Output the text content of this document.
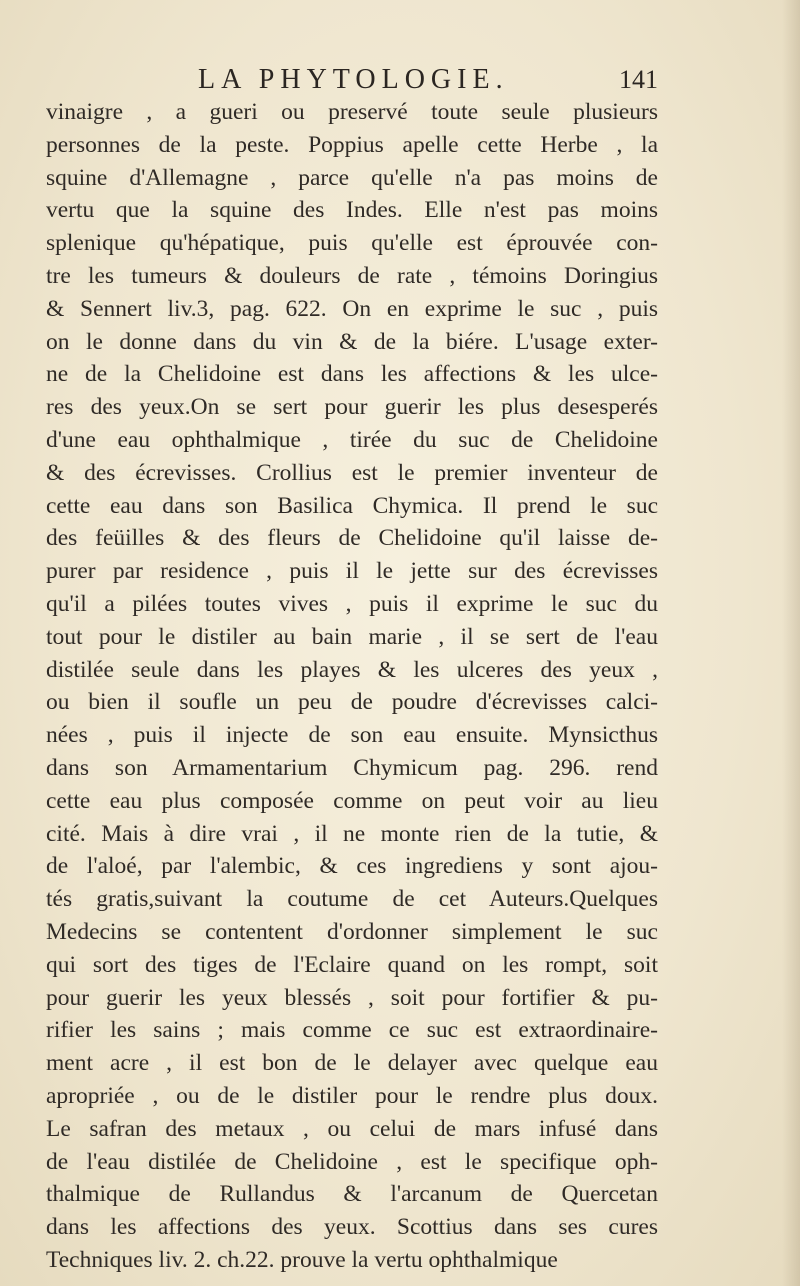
LA PHYTOLOGIE.	141
vinaigre , a gueri ou preservé toute seule plusieurs
personnes de la peste. Poppius apelle cette Herbe , la
squine d'Allemagne , parce qu'elle n'a pas moins de
vertu que la squine des Indes. Elle n'est pas moins
splenique qu'hépatique, puis qu'elle est éprouvée con-
tre les tumeurs & douleurs de rate , témoins Doringius
& Sennert liv.3, pag. 622. On en exprime le suc , puis
on le donne dans du vin & de la biére. L'usage exter-
ne de la Chelidoine est dans les affections & les ulce-
res des yeux.On se sert pour guerir les plus desesperés
d'une eau ophthalmique , tirée du suc de Chelidoine
& des écrevisses. Crollius est le premier inventeur de
cette eau dans son Basilica Chymica. Il prend le suc
des feüilles & des fleurs de Chelidoine qu'il laisse de-
purer par residence , puis il le jette sur des écrevisses
qu'il a pilées toutes vives , puis il exprime le suc du
tout pour le distiler au bain marie , il se sert de l'eau
distilée seule dans les playes & les ulceres des yeux ,
ou bien il soufle un peu de poudre d'écrevisses calci-
nées , puis il injecte de son eau ensuite. Mynsicthus
dans son Armamentarium Chymicum pag. 296. rend
cette eau plus composée comme on peut voir au lieu
cité. Mais à dire vrai , il ne monte rien de la tutie, &
de l'aloé, par l'alembic, & ces ingrediens y sont ajou-
tés gratis,suivant la coutume de cet Auteurs.Quelques
Medecins se contentent d'ordonner simplement le suc
qui sort des tiges de l'Eclaire quand on les rompt, soit
pour guerir les yeux blessés , soit pour fortifier & pu-
rifier les sains ; mais comme ce suc est extraordinaire-
ment acre , il est bon de le delayer avec quelque eau
apropriée , ou de le distiler pour le rendre plus doux.
Le safran des metaux , ou celui de mars infusé dans
de l'eau distilée de Chelidoine , est le specifique oph-
thalmique de Rullandus & l'arcanum de Quercetan
dans les affections des yeux. Scottius dans ses cures
Techniques liv. 2. ch.22. prouve la vertu ophthalmique
